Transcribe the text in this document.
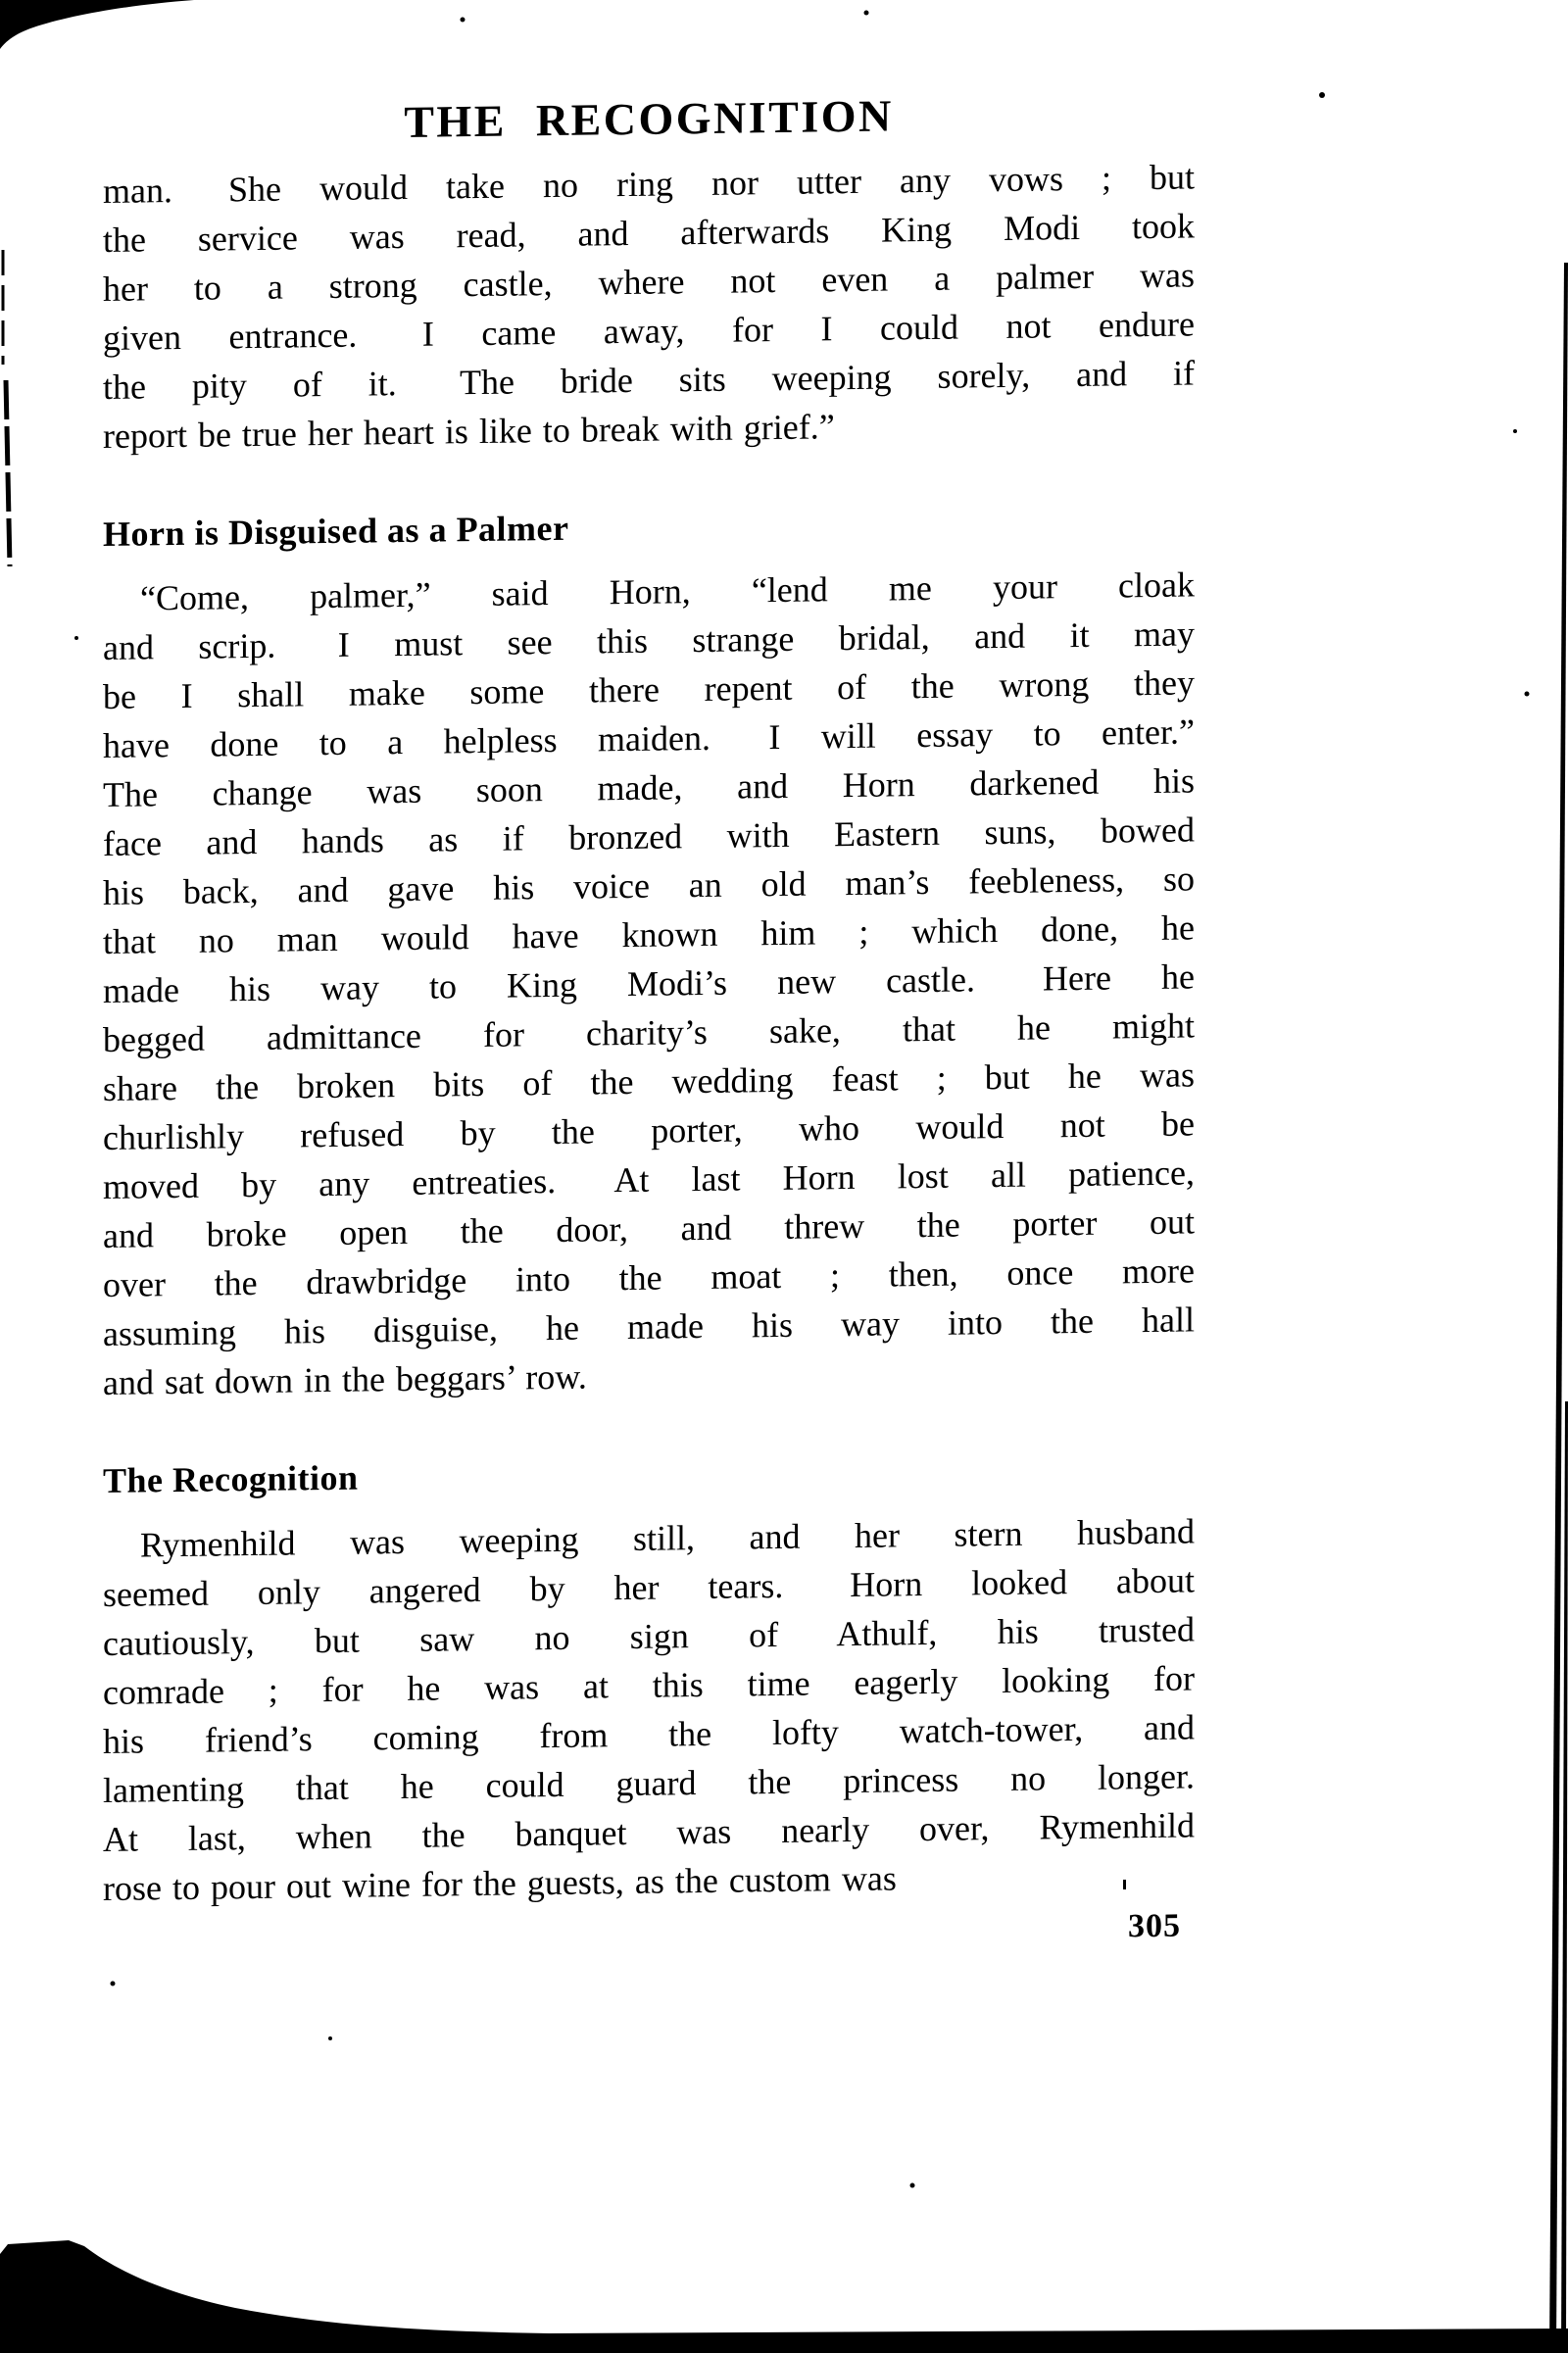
THE RECOGNITION
man.  She would take no ring nor utter any vows ; but
the service was read, and afterwards King Modi took
her to a strong castle, where not even a palmer was
given entrance.  I came away, for I could not endure
the pity of it.  The bride sits weeping sorely, and if
report be true her heart is like to break with grief.”
Horn is Disguised as a Palmer
“Come, palmer,” said Horn, “lend me your cloak
and scrip.  I must see this strange bridal, and it may
be I shall make some there repent of the wrong they
have done to a helpless maiden.  I will essay to enter.”
The change was soon made, and Horn darkened his
face and hands as if bronzed with Eastern suns, bowed
his back, and gave his voice an old man’s feebleness, so
that no man would have known him ; which done, he
made his way to King Modi’s new castle.  Here he
begged admittance for charity’s sake, that he might
share the broken bits of the wedding feast ; but he was
churlishly refused by the porter, who would not be
moved by any entreaties.  At last Horn lost all patience,
and broke open the door, and threw the porter out
over the drawbridge into the moat ; then, once more
assuming his disguise, he made his way into the hall
and sat down in the beggars’ row.
The Recognition
Rymenhild was weeping still, and her stern husband
seemed only angered by her tears.  Horn looked about
cautiously, but saw no sign of Athulf, his trusted
comrade ; for he was at this time eagerly looking for
his friend’s coming from the lofty watch-tower, and
lamenting that he could guard the princess no longer.
At last, when the banquet was nearly over, Rymenhild
rose to pour out wine for the guests, as the custom was
305
